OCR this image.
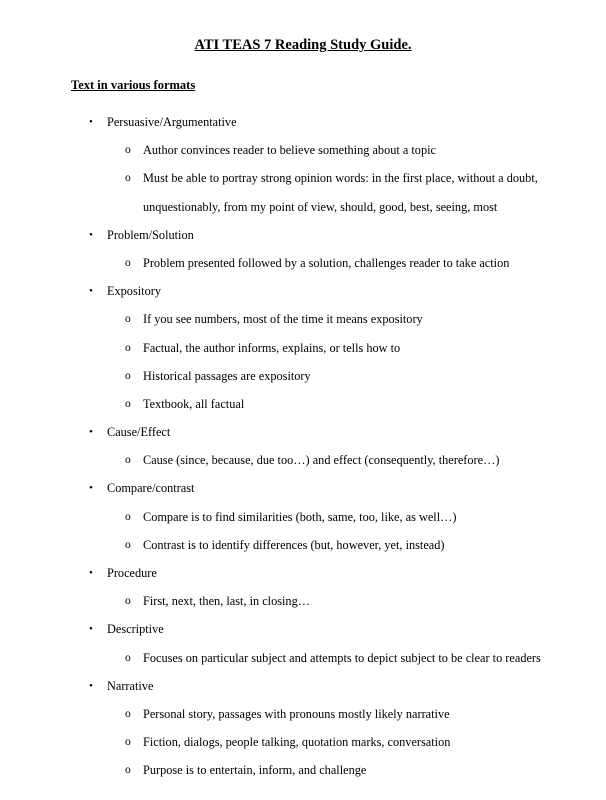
ATI TEAS 7 Reading Study Guide.
Text in various formats
• Persuasive/Argumentative
o Author convinces reader to believe something about a topic
o Must be able to portray strong opinion words: in the first place, without a doubt,
unquestionably, from my point of view, should, good, best, seeing, most
• Problem/Solution
o Problem presented followed by a solution, challenges reader to take action
• Expository
o If you see numbers, most of the time it means expository
o Factual, the author informs, explains, or tells how to
o Historical passages are expository
o Textbook, all factual
• Cause/Effect
o Cause (since, because, due too…) and effect (consequently, therefore…)
• Compare/contrast
o Compare is to find similarities (both, same, too, like, as well…)
o Contrast is to identify differences (but, however, yet, instead)
• Procedure
o First, next, then, last, in closing…
• Descriptive
o Focuses on particular subject and attempts to depict subject to be clear to readers
• Narrative
o Personal story, passages with pronouns mostly likely narrative
o Fiction, dialogs, people talking, quotation marks, conversation
o Purpose is to entertain, inform, and challenge
